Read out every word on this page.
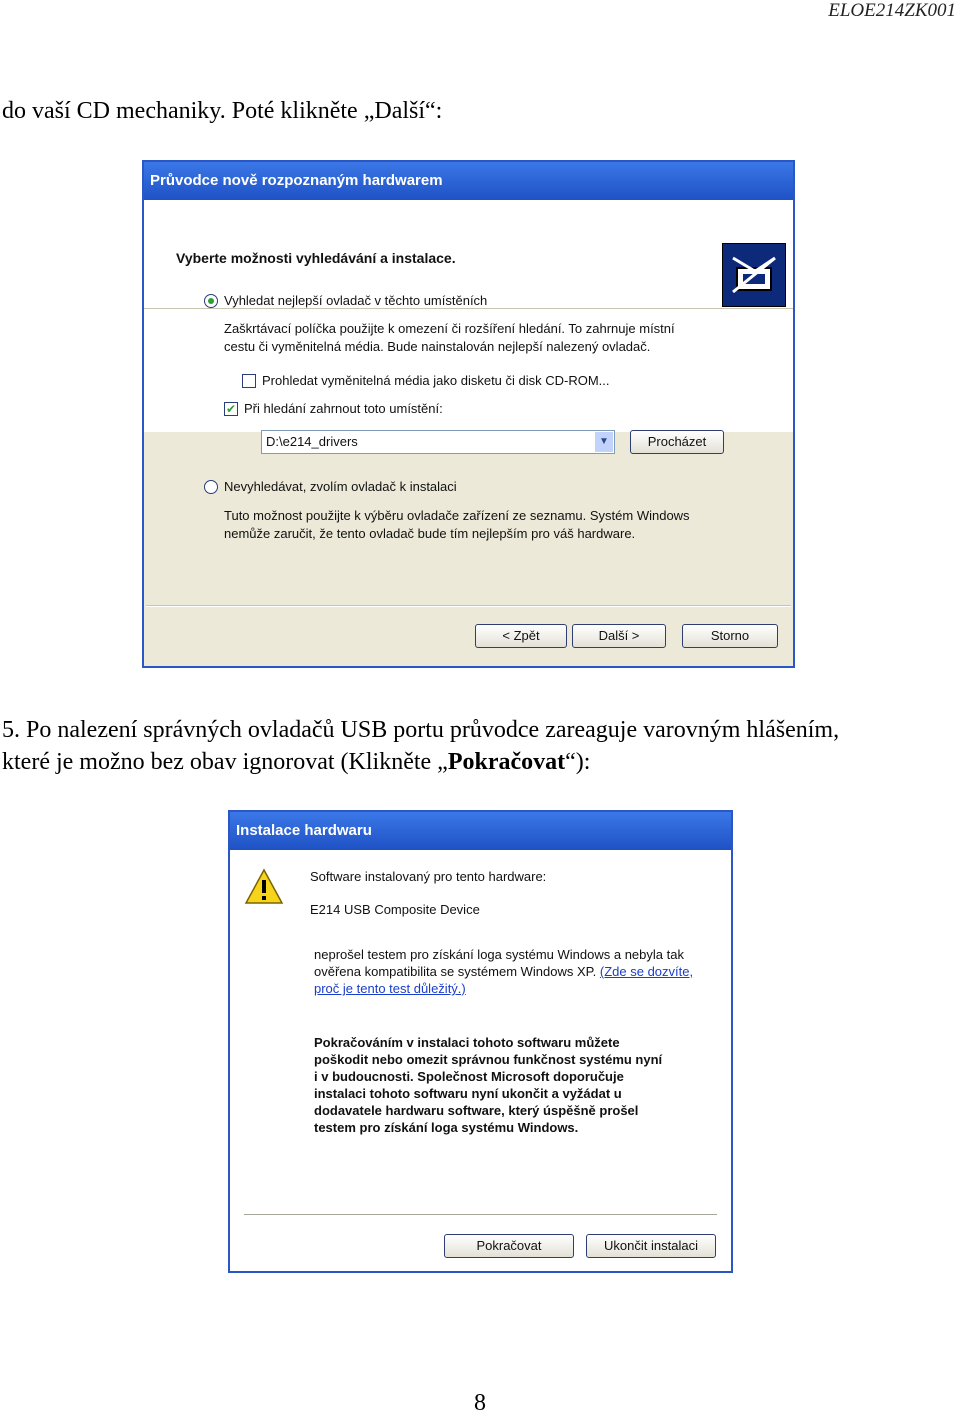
ELOE214ZK001
do vaší CD mechaniky. Poté klikněte „Další“:
Průvodce nově rozpoznaným hardwarem
Vyberte možnosti vyhledávání a instalace.
Vyhledat nejlepší ovladač v těchto umístěních
Zaškrtávací políčka použijte k omezení či rozšíření hledání. To zahrnuje místní
cestu či vyměnitelná média. Bude nainstalován nejlepší nalezený ovladač.
Prohledat vyměnitelná média jako disketu či disk CD-ROM...
✔ Při hledání zahrnout toto umístění:
D:\e214_drivers	▼	Procházet
Nevyhledávat, zvolím ovladač k instalaci
Tuto možnost použijte k výběru ovladače zařízení ze seznamu. Systém Windows
nemůže zaručit, že tento ovladač bude tím nejlepším pro váš hardware.
< Zpět	Další >	Storno
5. Po nalezení správných ovladačů USB portu průvodce zareaguje varovným hlášením,
které je možno bez obav ignorovat (Klikněte „Pokračovat“):
Instalace hardwaru
Software instalovaný pro tento hardware:
E214 USB Composite Device
neprošel testem pro získání loga systému Windows a nebyla tak
ověřena kompatibilita se systémem Windows XP. (Zde se dozvíte,
proč je tento test důležitý.)
Pokračováním v instalaci tohoto softwaru můžete
poškodit nebo omezit správnou funkčnost systému nyní
i v budoucnosti. Společnost Microsoft doporučuje
instalaci tohoto softwaru nyní ukončit a vyžádat u
dodavatele hardwaru software, který úspěšně prošel
testem pro získání loga systému Windows.
Pokračovat	Ukončit instalaci
8
